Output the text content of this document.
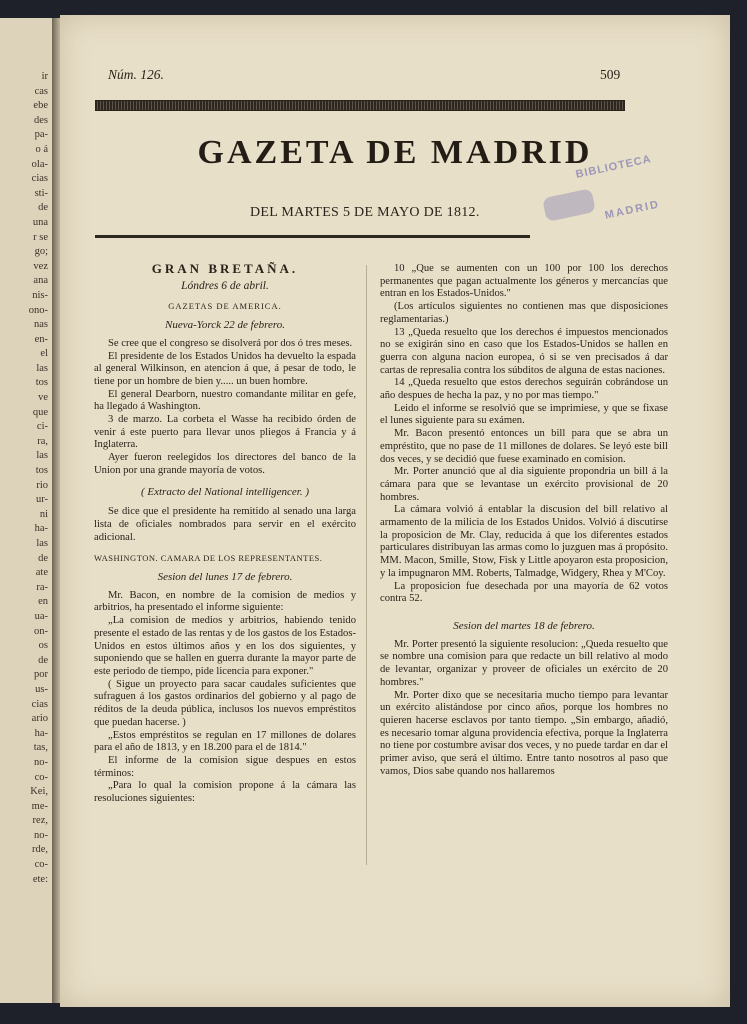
ir
cas
ebe
des
pa-
o á
ola-
cias
sti-
de
una
r se
go;
vez
ana
nis-
ono-
nas
en-
el
las
tos
ve
que
ci-
ra,
las
tos
rio
ur-
ni
ha-
las
de
ate
ra-
en
ua-
on-
os
de
por
us-
cias
ario
ha-
tas,
no-
co-
Kei,
me-
rez,
no-
rde,
co-
ete:
Núm. 126.	509
GAZETA DE MADRID
DEL MARTES 5 DE MAYO DE 1812.
BIBLIOTECA
MADRID
GRAN BRETAÑA.
Lóndres 6 de abril.
GAZETAS DE AMERICA.
Nueva-Yorck 22 de febrero.

Se cree que el congreso se disolverá por dos ó tres meses.

El presidente de los Estados Unidos ha devuelto la espada al general Wilkinson, en atencion á que, á pesar de todo, le tiene por un hombre de bien y..... un buen hombre.

El general Dearborn, nuestro comandante militar en gefe, ha llegado á Washington.

3 de marzo. La corbeta el Wasse ha recibido órden de venir á este puerto para llevar unos pliegos á Francia y á Inglaterra.

Ayer fueron reelegidos los directores del banco de la Union por una grande mayoría de votos.

( Extracto del National intelligencer. )

Se dice que el presidente ha remitido al senado una larga lista de oficiales nombrados para servir en el exército adicional.

WASHINGTON. CAMARA DE LOS REPRESENTANTES.
Sesion del lunes 17 de febrero.

Mr. Bacon, en nombre de la comision de medios y arbitrios, ha presentado el informe siguiente:

„La comision de medios y arbitrios, habiendo tenido presente el estado de las rentas y de los gastos de los Estados-Unidos en estos últimos años y en los dos siguientes, y suponiendo que se hallen en guerra durante la mayor parte de este periodo de tiempo, pide licencia para exponer."

( Sigue un proyecto para sacar caudales suficientes que sufraguen á los gastos ordinarios del gobierno y al pago de réditos de la deuda pública, inclusos los nuevos empréstitos que puedan hacerse. )

„Estos empréstitos se regulan en 17 millones de dolares para el año de 1813, y en 18.200 para el de 1814."

El informe de la comision sigue despues en estos términos:

„Para lo qual la comision propone á la cámara las resoluciones siguientes:

10 „Que se aumenten con un 100 por 100 los derechos permanentes que pagan actualmente los géneros y mercancías que entran en los Estados-Unidos."

(Los artículos siguientes no contienen mas que disposiciones reglamentarias.)

13 „Queda resuelto que los derechos é impuestos mencionados no se exigirán sino en caso que los Estados-Unidos se hallen en guerra con alguna nacion europea, ó si se ven precisados á dar cartas de represalia contra los súbditos de alguna de estas naciones.

14 „Queda resuelto que estos derechos seguirán cobrándose un año despues de hecha la paz, y no por mas tiempo."

Leido el informe se resolvió que se imprimiese, y que se fixase el lunes siguiente para su exámen.

Mr. Bacon presentó entonces un bill para que se abra un empréstito, que no pase de 11 millones de dolares. Se leyó este bill dos veces, y se decidió que fuese examinado en comision.

Mr. Porter anunció que al dia siguiente propondria un bill á la cámara para que se levantase un exército provisional de 20 hombres.

La cámara volvió á entablar la discusion del bill relativo al armamento de la milicia de los Estados Unidos. Volvió á discutirse la proposicion de Mr. Clay, reducida á que los diferentes estados particulares distribuyan las armas como lo juzguen mas á propósito. MM. Macon, Smille, Stow, Fisk y Little apoyaron esta proposicion, y la impugnaron MM. Roberts, Talmadge, Widgery, Rhea y M'Coy.

La proposicion fue desechada por una mayoría de 62 votos contra 52.

Sesion del martes 18 de febrero.

Mr. Porter presentó la siguiente resolucion: „Queda resuelto que se nombre una comision para que redacte un bill relativo al modo de levantar, organizar y proveer de oficiales un exército de 20 hombres."

Mr. Porter dixo que se necesitaria mucho tiempo para levantar un exército alistándose por cinco años, porque los hombres no quieren hacerse esclavos por tanto tiempo. „Sin embargo, añadió, es necesario tomar alguna providencia efectiva, porque la Inglaterra no tiene por costumbre avisar dos veces, y no puede tardar en dar el primer aviso, que será el último. Entre tanto nosotros al paso que vamos, Dios sabe quando nos hallaremos
